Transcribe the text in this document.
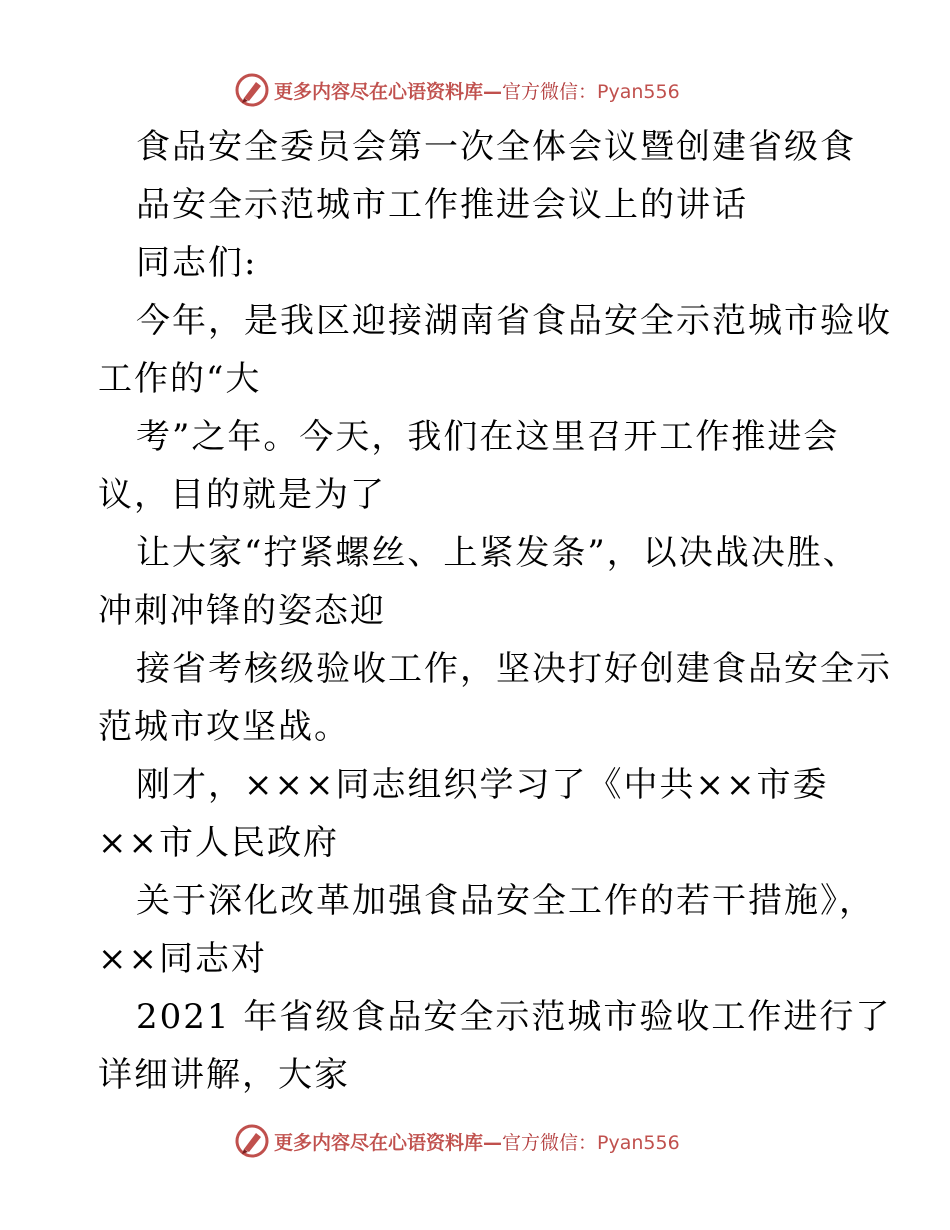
更多内容尽在心语资料库—官方微信：Pyan556
食品安全委员会第一次全体会议暨创建省级食
品安全示范城市工作推进会议上的讲话
同志们:
今年，是我区迎接湖南省食品安全示范城市验收
工作的“大
考”之年。今天，我们在这里召开工作推进会
议，目的就是为了
让大家“拧紧螺丝、上紧发条”，以决战决胜、
冲刺冲锋的姿态迎
接省考核级验收工作，坚决打好创建食品安全示
范城市攻坚战。
刚才，×××同志组织学习了《中共××市委
××市人民政府
关于深化改革加强食品安全工作的若干措施》，
××同志对
2021 年省级食品安全示范城市验收工作进行了
详细讲解，大家
更多内容尽在心语资料库—官方微信：Pyan556
